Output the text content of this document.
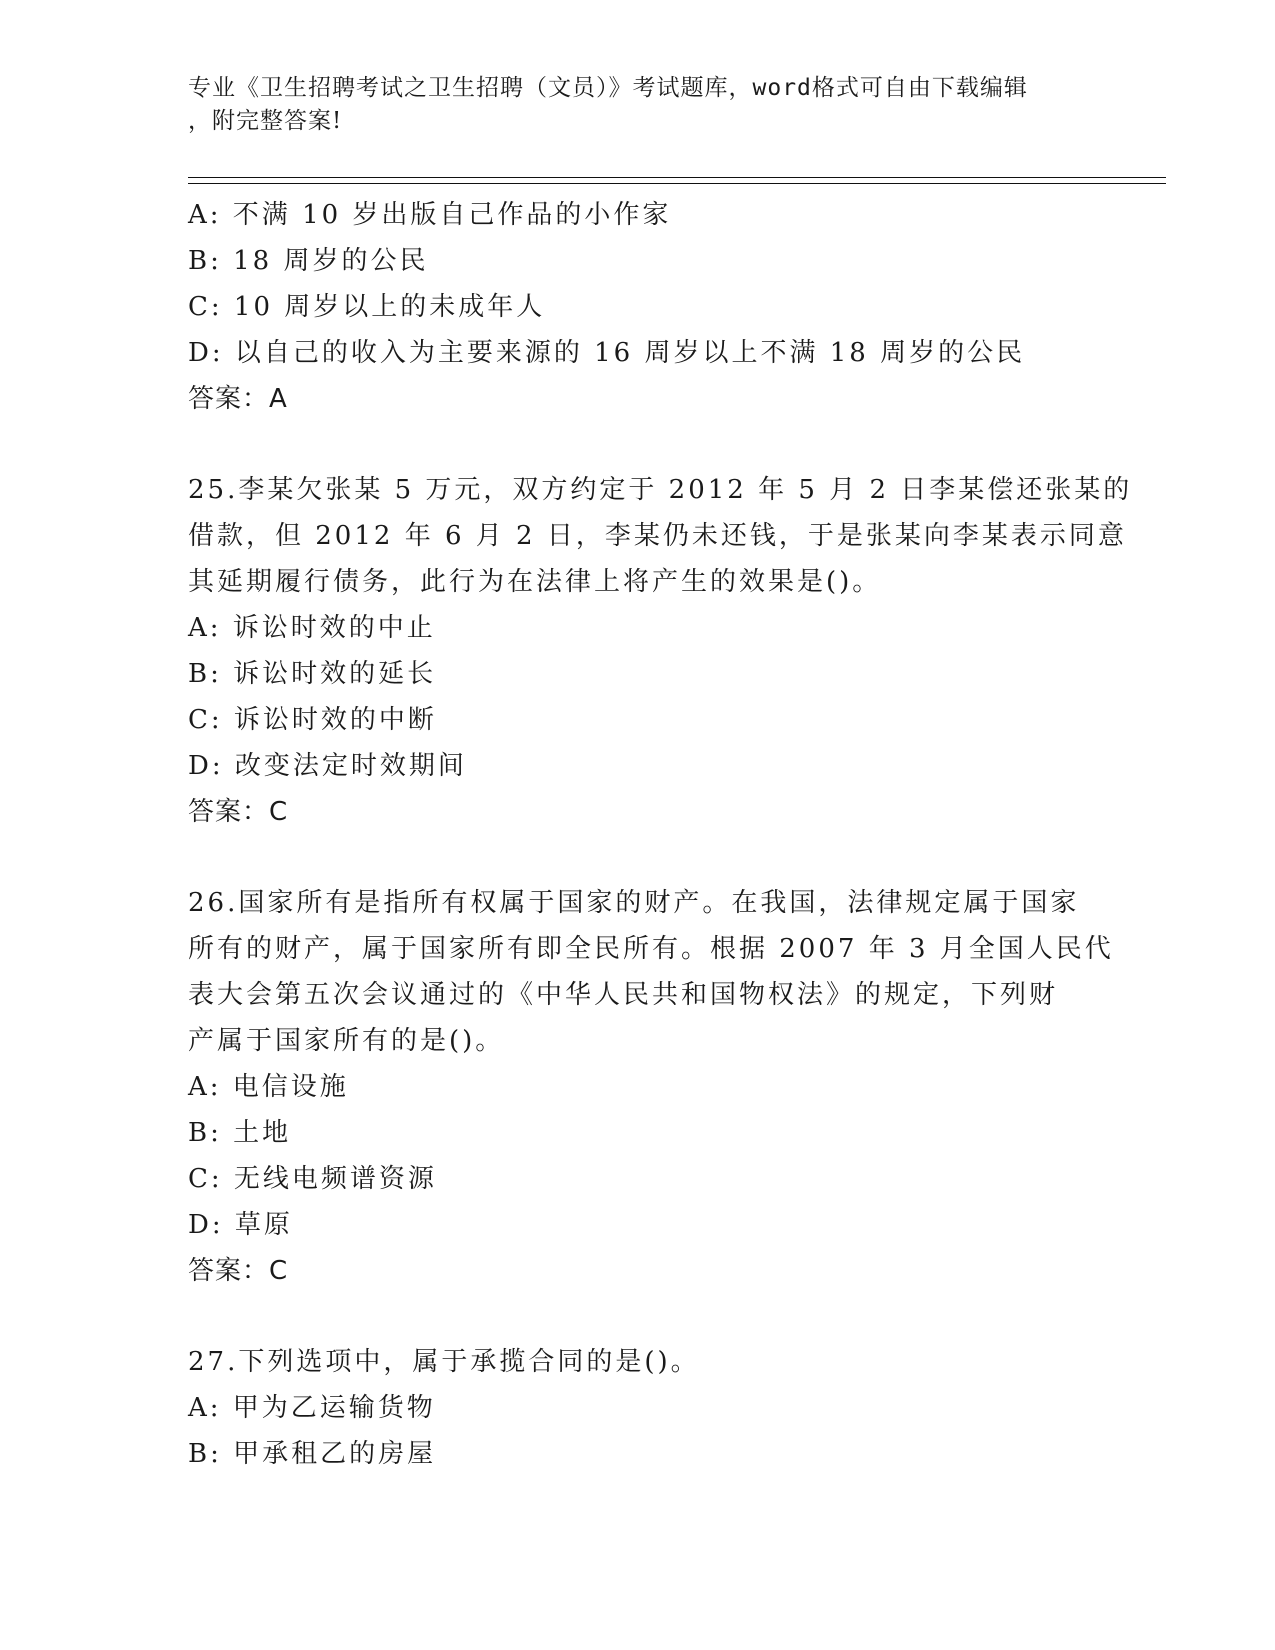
专业《卫生招聘考试之卫生招聘（文员）》考试题库，word格式可自由下载编辑
，附完整答案!
A: 不满 10 岁出版自己作品的小作家
B: 18 周岁的公民
C: 10 周岁以上的未成年人
D: 以自己的收入为主要来源的 16 周岁以上不满 18 周岁的公民
答案：A
25.李某欠张某 5 万元，双方约定于 2012 年 5 月 2 日李某偿还张某的
借款，但 2012 年 6 月 2 日，李某仍未还钱，于是张某向李某表示同意
其延期履行债务，此行为在法律上将产生的效果是()。
A: 诉讼时效的中止
B: 诉讼时效的延长
C: 诉讼时效的中断
D: 改变法定时效期间
答案：C
26.国家所有是指所有权属于国家的财产。在我国，法律规定属于国家
所有的财产，属于国家所有即全民所有。根据 2007 年 3 月全国人民代
表大会第五次会议通过的《中华人民共和国物权法》的规定，下列财
产属于国家所有的是()。
A: 电信设施
B: 土地
C: 无线电频谱资源
D: 草原
答案：C
27.下列选项中，属于承揽合同的是()。
A: 甲为乙运输货物
B: 甲承租乙的房屋
